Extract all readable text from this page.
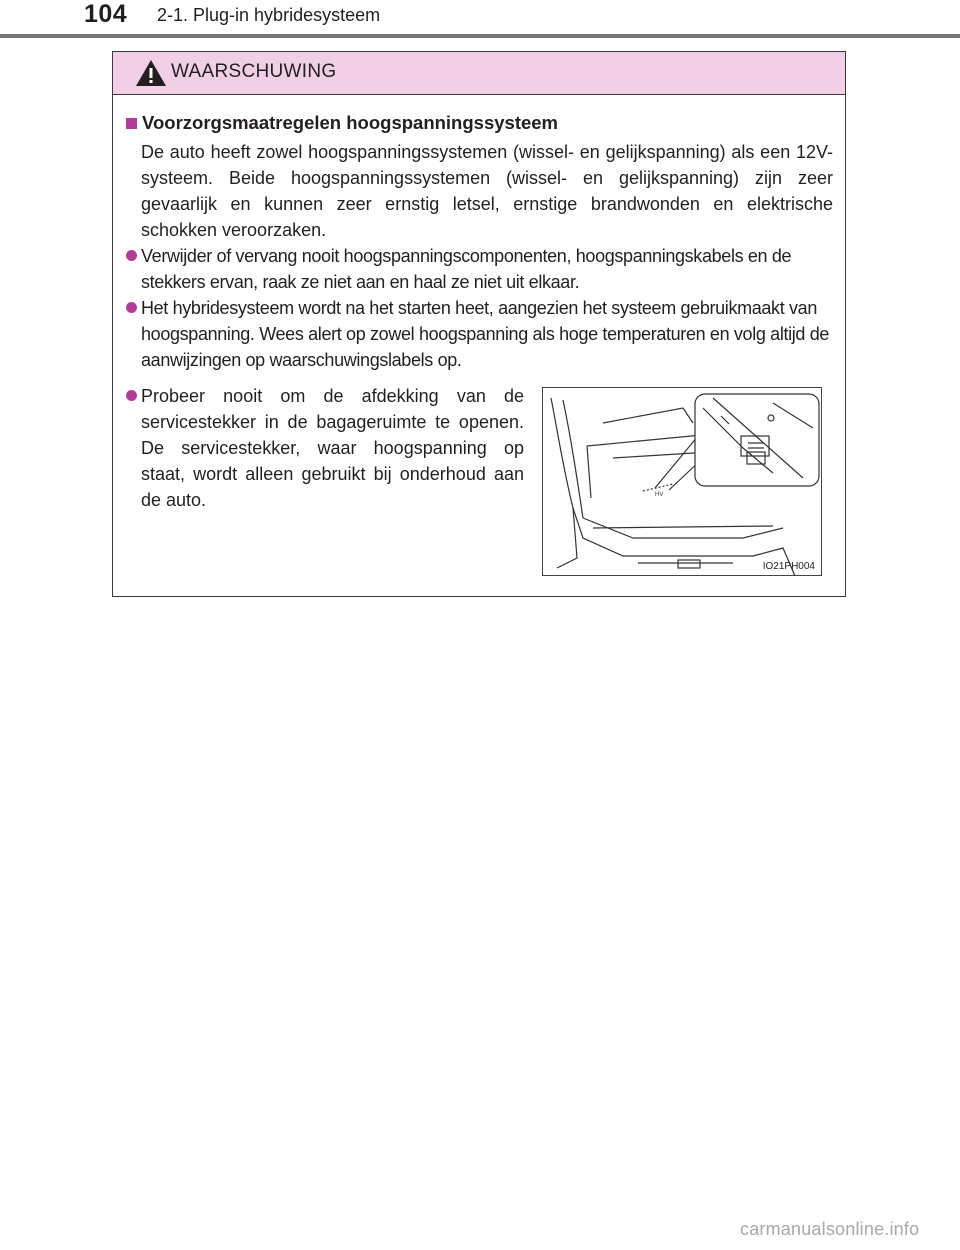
104 2-1. Plug-in hybridesysteem
WAARSCHUWING
Voorzorgsmaatregelen hoogspanningssysteem
De auto heeft zowel hoogspanningssystemen (wissel- en gelijkspanning) als een 12V-systeem. Beide hoogspanningssystemen (wissel- en gelijkspanning) zijn zeer gevaarlijk en kunnen zeer ernstig letsel, ernstige brandwonden en elektrische schokken veroorzaken.
Verwijder of vervang nooit hoogspanningscomponenten, hoogspanningskabels en de stekkers ervan, raak ze niet aan en haal ze niet uit elkaar.
Het hybridesysteem wordt na het starten heet, aangezien het systeem gebruikmaakt van hoogspanning. Wees alert op zowel hoogspanning als hoge temperaturen en volg altijd de aanwijzingen op waarschuwingslabels op.
Probeer nooit om de afdekking van de servicestekker in de bagageruimte te openen. De servicestekker, waar hoogspanning op staat, wordt alleen gebruikt bij onderhoud aan de auto.	HV
IO21PH004
carmanualsonline.info
